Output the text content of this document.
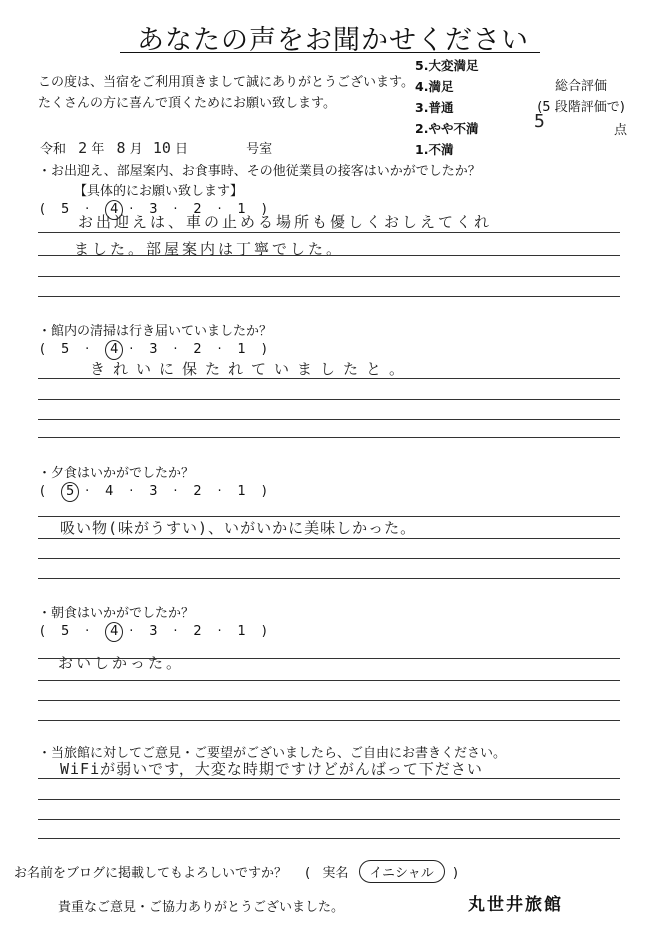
あなたの声をお聞かせください
この度は、当宿をご利用頂きまして誠にありがとうございます。
たくさんの方に喜んで頂くためにお願い致します。
5.大変満足
4.満足
3.普通
2.やや不満
1.不満
総合評価
(5 段階評価で)
5	点
令和 2 年 8 月 10 日	号室
・お出迎え、部屋案内、お食事時、その他従業員の接客はいかがでしたか？
【具体的にお願い致します】
( 5 · 4 · 3 · 2 · 1 )
お出迎えは、車の止める場所も優しくおしえてくれ
ました。部屋案内は丁寧でした。
・館内の清掃は行き届いていましたか？
( 5 · 4 · 3 · 2 · 1 )
きれいに保たれていましたと。
・夕食はいかがでしたか？
( 5 · 4 · 3 · 2 · 1 )
吸い物(味がうすい)、いがいかに美味しかった。
・朝食はいかがでしたか？
( 5 · 4 · 3 · 2 · 1 )
おいしかった。
・当旅館に対してご意見・ご要望がございましたら、ご自由にお書きください。
WiFiが弱いです，大変な時期ですけどがんばって下ださい
お名前をブログに掲載してもよろしいですか？ ( 実名 イニシャル )
貴重なご意見・ご協力ありがとうございました。	丸世井旅館
